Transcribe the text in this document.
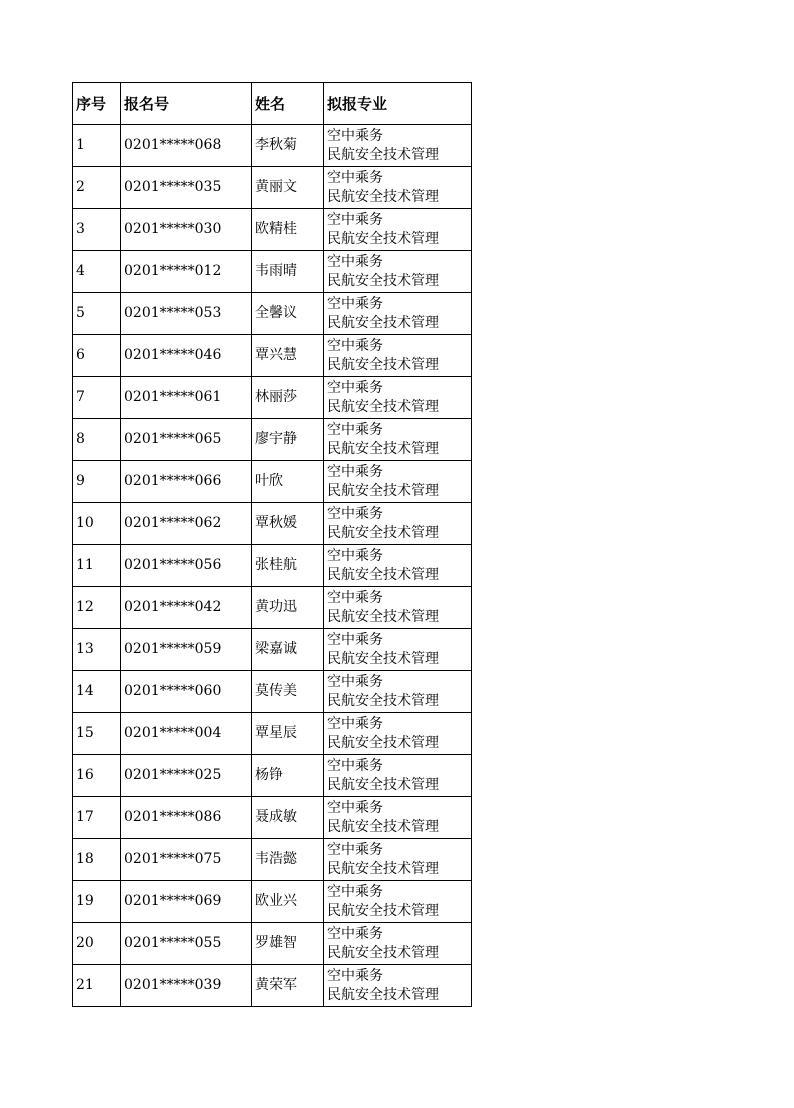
序号	报名号	姓名	拟报专业
1	0201*****068	李秋菊	空中乘务
民航安全技术管理

2	0201*****035	黄丽文	空中乘务
民航安全技术管理

3	0201*****030	欧精桂	空中乘务
民航安全技术管理

4	0201*****012	韦雨晴	空中乘务
民航安全技术管理

5	0201*****053	全馨议	空中乘务
民航安全技术管理

6	0201*****046	覃兴慧	空中乘务
民航安全技术管理

7	0201*****061	林丽莎	空中乘务
民航安全技术管理

8	0201*****065	廖宇静	空中乘务
民航安全技术管理

9	0201*****066	叶欣	空中乘务
民航安全技术管理

10	0201*****062	覃秋媛	空中乘务
民航安全技术管理

11	0201*****056	张桂航	空中乘务
民航安全技术管理

12	0201*****042	黄功迅	空中乘务
民航安全技术管理

13	0201*****059	梁嘉诚	空中乘务
民航安全技术管理

14	0201*****060	莫传美	空中乘务
民航安全技术管理

15	0201*****004	覃星辰	空中乘务
民航安全技术管理

16	0201*****025	杨铮	空中乘务
民航安全技术管理

17	0201*****086	聂成敏	空中乘务
民航安全技术管理

18	0201*****075	韦浩懿	空中乘务
民航安全技术管理

19	0201*****069	欧业兴	空中乘务
民航安全技术管理

20	0201*****055	罗雄智	空中乘务
民航安全技术管理

21	0201*****039	黄荣军	空中乘务
民航安全技术管理
